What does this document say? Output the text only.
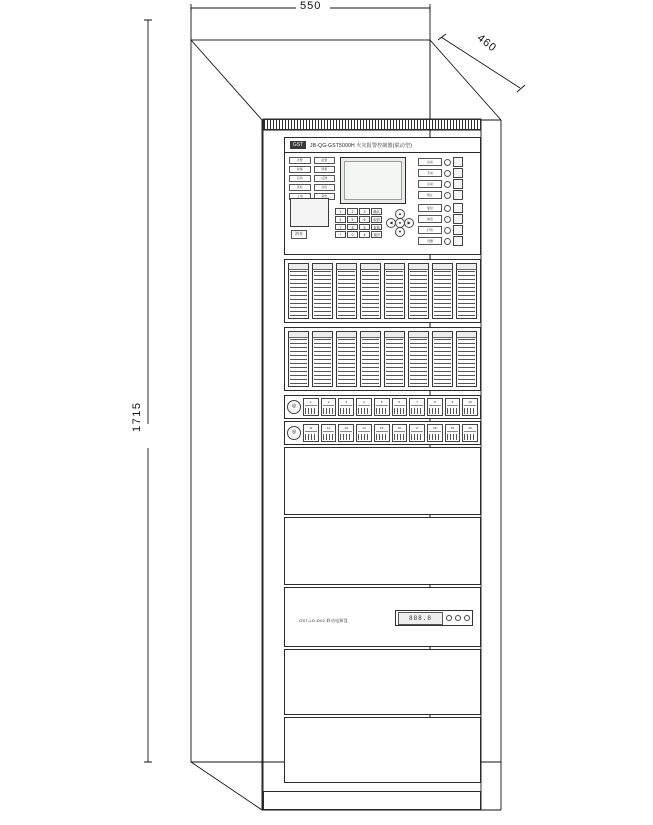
550
460
1715
GST	JB-QG-GST5000H 火灾报警控制器(联动型)
火警	监管
故障	屏蔽
启动	反馈
延时	自检
主电	备电
消音
1	2	3	确认
4	5	6	取消
7	8	9	查询
*	0	#	返回
▲
◀	●	▶
▼
自动
手动
启动
停止
复位
消音
打印
设置
◎
1	2	3	4	5	6	7	8	9	10
◎
11	12	13	14	15	16	17	18	19	20
GST-LD-D02 联动电源盘	888.8
